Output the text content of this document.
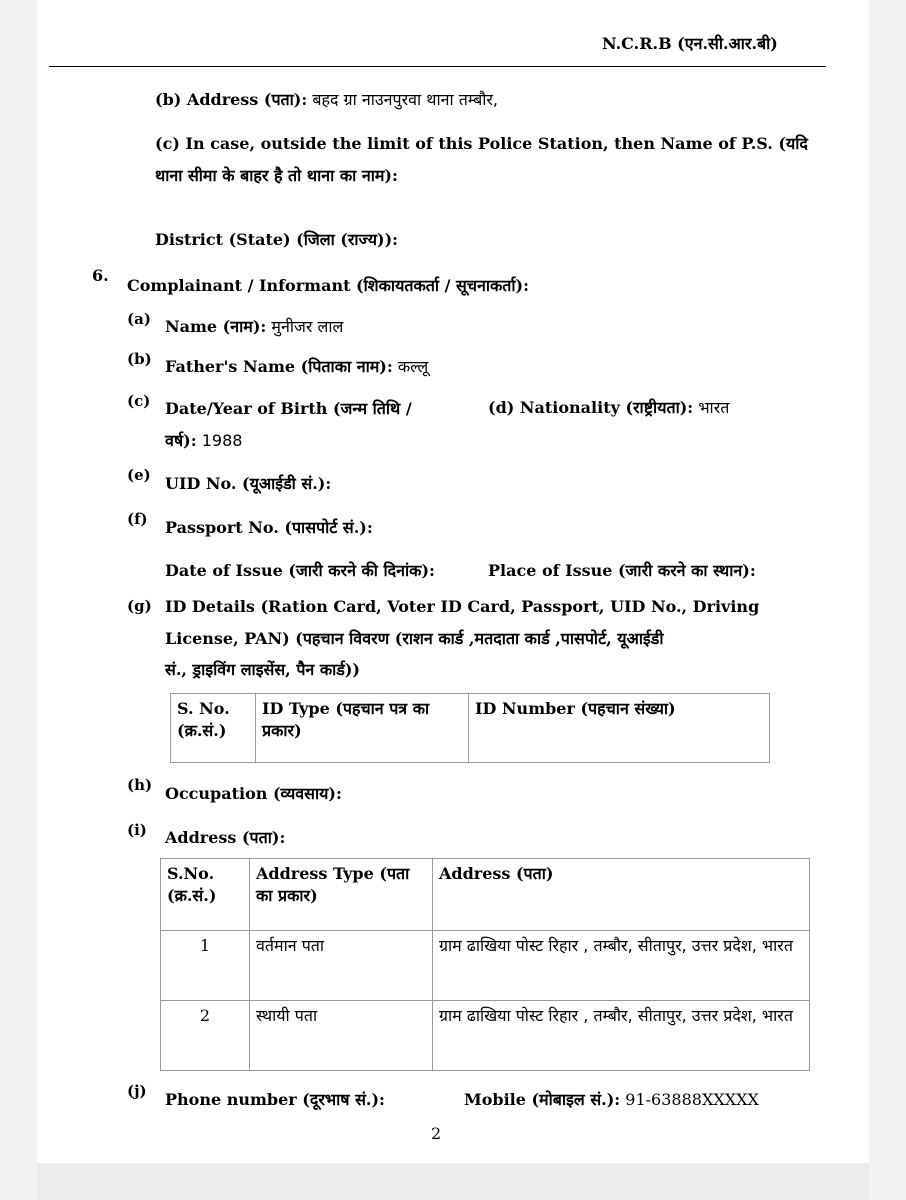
N.C.R.B (एन.सी.आर.बी)
(b) Address (पता): बहद ग्रा नाउनपुरवा थाना तम्बौर,
(c) In case, outside the limit of this Police Station, then Name of P.S. (यदि
थाना सीमा के बाहर है तो थाना का नाम):
District (State) (जिला (राज्य)):
6.
Complainant / Informant (शिकायतकर्ता / सूचनाकर्ता):
(a) Name (नाम): मुनीजर लाल
(b) Father's Name (पिताका नाम): कल्लू
(c) Date/Year of Birth (जन्म तिथि /
वर्ष): 1988
(d) Nationality (राष्ट्रीयता): भारत
(e) UID No. (यूआईडी सं.):
(f) Passport No. (पासपोर्ट सं.):
Date of Issue (जारी करने की दिनांक):	Place of Issue (जारी करने का स्थान):
(g) ID Details (Ration Card, Voter ID Card, Passport, UID No., Driving
License, PAN) (पहचान विवरण (राशन कार्ड ,मतदाता कार्ड ,पासपोर्ट, यूआईडी
सं., ड्राइविंग लाइसेंस, पैन कार्ड))
S. No. (क्र.सं.)	ID Type (पहचान पत्र का प्रकार)	ID Number (पहचान संख्या)
(h) Occupation (व्यवसाय):
(i) Address (पता):
S.No. (क्र.सं.)	Address Type (पता का प्रकार)	Address (पता)
1	वर्तमान पता	ग्राम ढाखिया पोस्ट रिहार , तम्बौर, सीतापुर, उत्तर प्रदेश, भारत
2	स्थायी पता	ग्राम ढाखिया पोस्ट रिहार , तम्बौर, सीतापुर, उत्तर प्रदेश, भारत
(j) Phone number (दूरभाष सं.):	Mobile (मोबाइल सं.): 91-63888XXXXX
2
